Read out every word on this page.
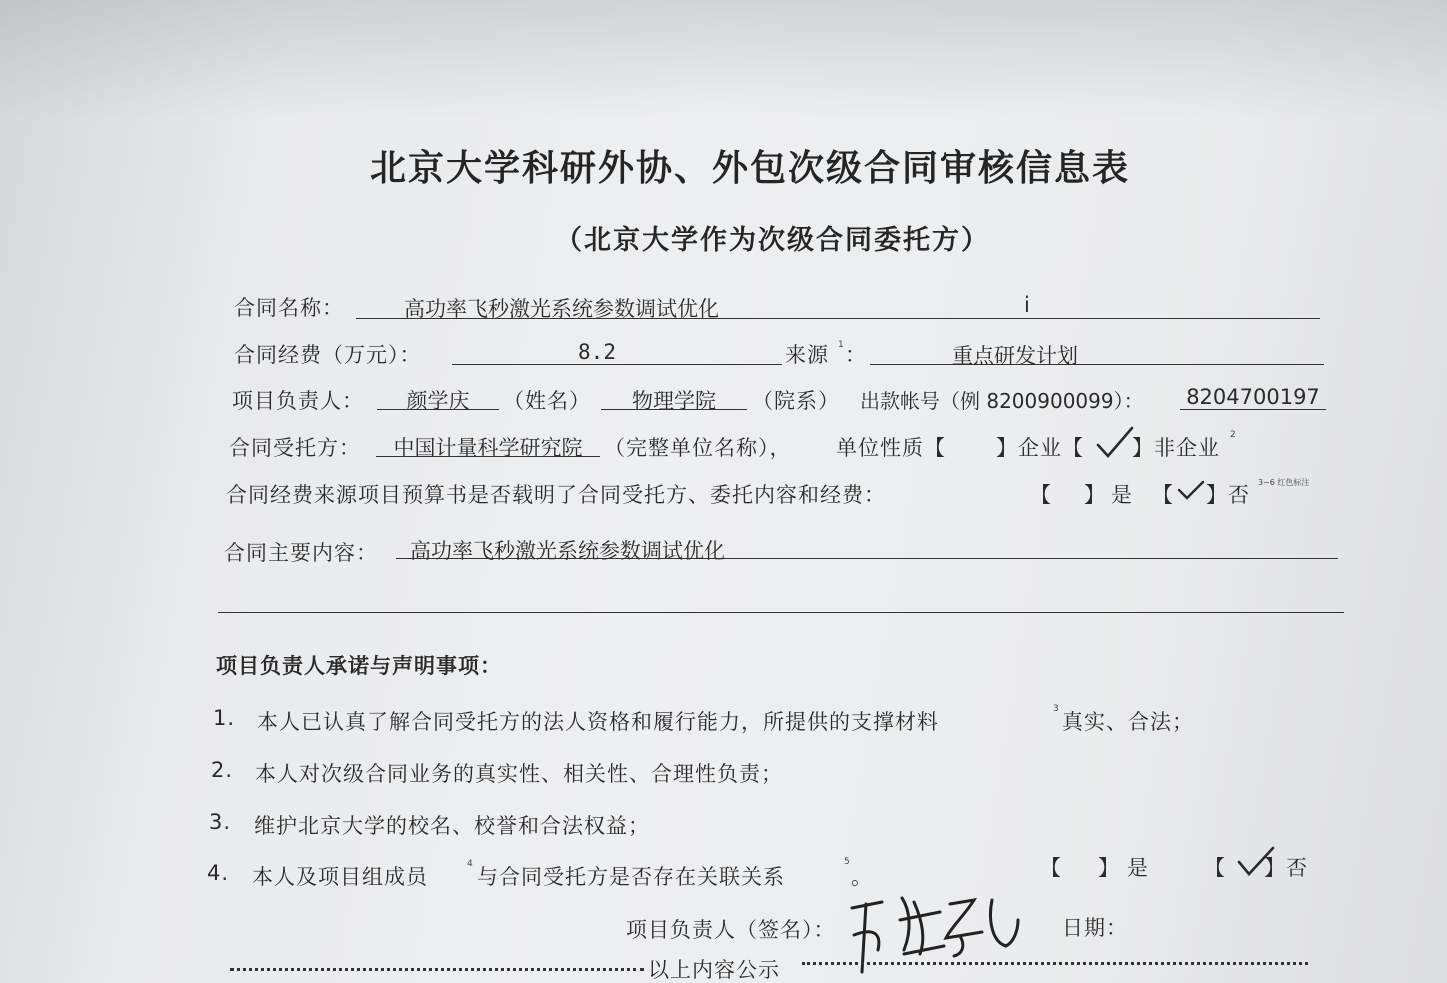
北京大学科研外协、外包次级合同审核信息表
（北京大学作为次级合同委托方）
合同名称：	高功率飞秒激光系统参数调试优化	i
合同经费（万元）：	8.2	来源 1 ：	重点研发计划
项目负责人：	颜学庆	（姓名）	物理学院	（院系） 出款帐号（例 8200900099）： 8204700197
合同受托方：	中国计量科学研究院	（完整单位名称）， 单位性质【 】企业【 】非企业
2
合同经费来源项目预算书是否载明了合同受托方、委托内容和经费：	【　】是 【 】否
3~6 红色标注
合同主要内容： 高功率飞秒激光系统参数调试优化
项目负责人承诺与声明事项：
1. 本人已认真了解合同受托方的法人资格和履行能力，所提供的支撑材料
3
真实、合法；
2. 本人对次级合同业务的真实性、相关性、合理性负责；
3. 维护北京大学的校名、校誉和合法权益；
4. 本人及项目组成员
4
与合同受托方是否存在关联关系
5
。	【　】是 【 】否
项目负责人（签名）：	日期：
以上内容公示
